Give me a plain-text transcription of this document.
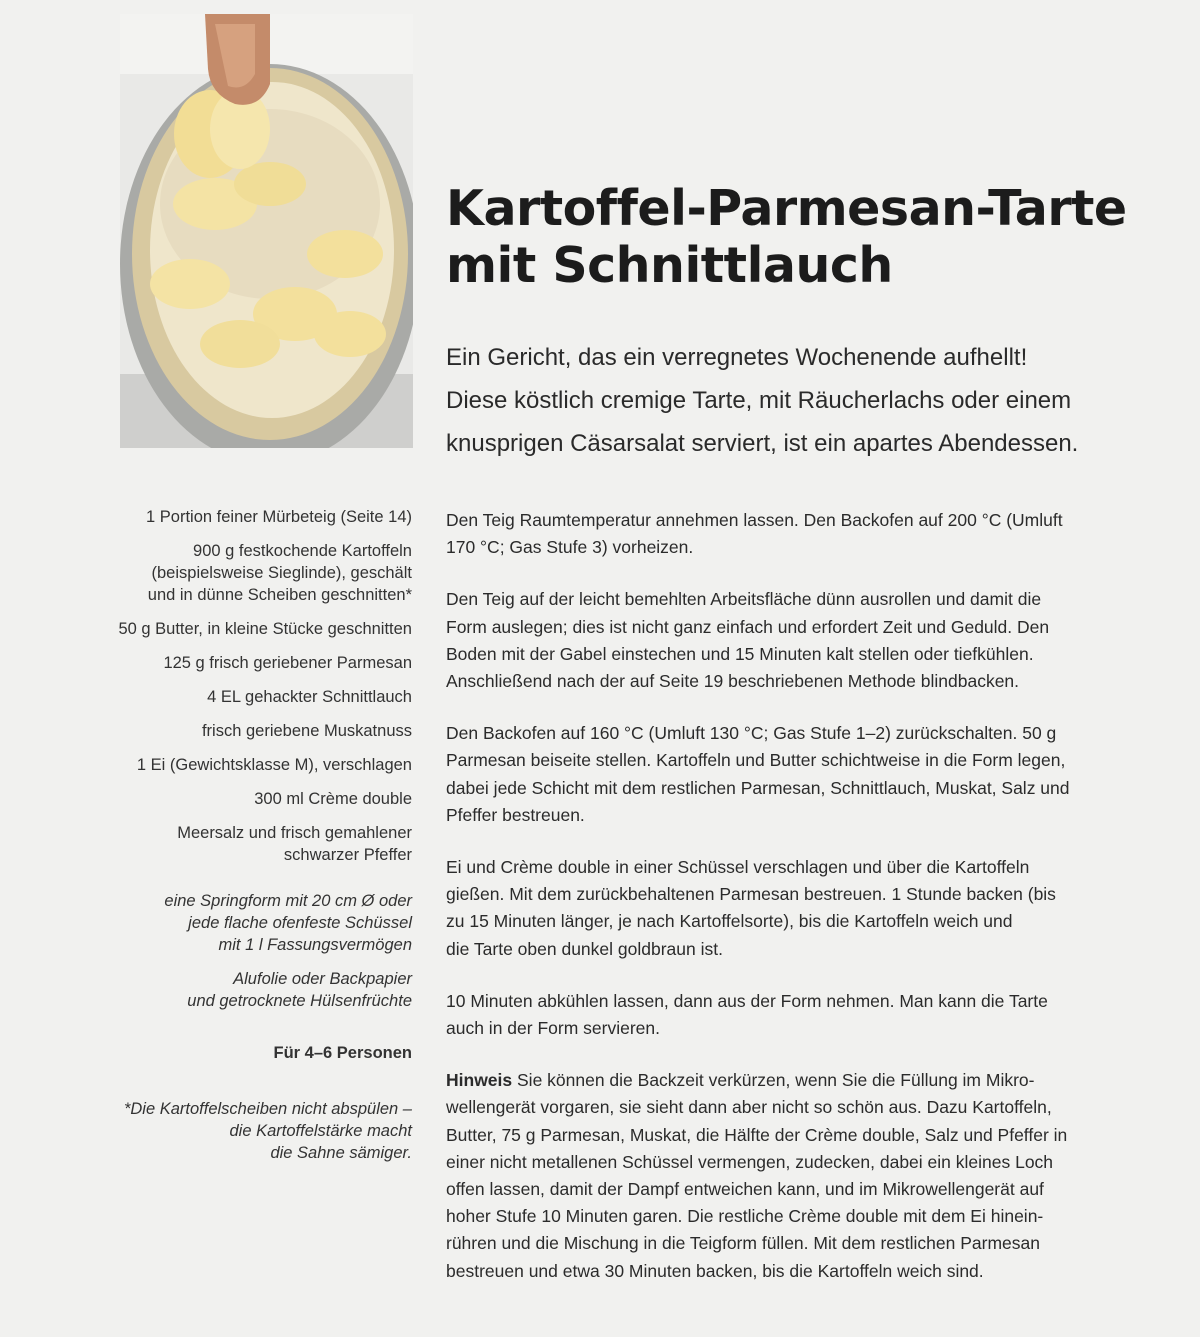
Kartoffel-Parmesan-Tarte
mit Schnittlauch
Ein Gericht, das ein verregnetes Wochenende aufhellt!
Diese köstlich cremige Tarte, mit Räucherlachs oder einem
knusprigen Cäsarsalat serviert, ist ein apartes Abendessen.
1 Portion feiner Mürbeteig (Seite 14)
900 g festkochende Kartoffeln
(beispielsweise Sieglinde), geschält
und in dünne Scheiben geschnitten*
50 g Butter, in kleine Stücke geschnitten
125 g frisch geriebener Parmesan
4 EL gehackter Schnittlauch
frisch geriebene Muskatnuss
1 Ei (Gewichtsklasse M), verschlagen
300 ml Crème double
Meersalz und frisch gemahlener
schwarzer Pfeffer
eine Springform mit 20 cm Ø oder
jede flache ofenfeste Schüssel
mit 1 l Fassungsvermögen
Alufolie oder Backpapier
und getrocknete Hülsenfrüchte
Für 4–6 Personen
*Die Kartoffelscheiben nicht abspülen –
die Kartoffelstärke macht
die Sahne sämiger.

Den Teig Raumtemperatur annehmen lassen. Den Backofen auf 200 °C (Umluft
170 °C; Gas Stufe 3) vorheizen.

Den Teig auf der leicht bemehlten Arbeitsfläche dünn ausrollen und damit die
Form auslegen; dies ist nicht ganz einfach und erfordert Zeit und Geduld. Den
Boden mit der Gabel einstechen und 15 Minuten kalt stellen oder tiefkühlen.
Anschließend nach der auf Seite 19 beschriebenen Methode blindbacken.

Den Backofen auf 160 °C (Umluft 130 °C; Gas Stufe 1–2) zurückschalten. 50 g
Parmesan beiseite stellen. Kartoffeln und Butter schichtweise in die Form legen,
dabei jede Schicht mit dem restlichen Parmesan, Schnittlauch, Muskat, Salz und
Pfeffer bestreuen.

Ei und Crème double in einer Schüssel verschlagen und über die Kartoffeln
gießen. Mit dem zurückbehaltenen Parmesan bestreuen. 1 Stunde backen (bis
zu 15 Minuten länger, je nach Kartoffelsorte), bis die Kartoffeln weich und
die Tarte oben dunkel goldbraun ist.

10 Minuten abkühlen lassen, dann aus der Form nehmen. Man kann die Tarte
auch in der Form servieren.

Hinweis Sie können die Backzeit verkürzen, wenn Sie die Füllung im Mikro-
wellengerät vorgaren, sie sieht dann aber nicht so schön aus. Dazu Kartoffeln,
Butter, 75 g Parmesan, Muskat, die Hälfte der Crème double, Salz und Pfeffer in
einer nicht metallenen Schüssel vermengen, zudecken, dabei ein kleines Loch
offen lassen, damit der Dampf entweichen kann, und im Mikrowellengerät auf
hoher Stufe 10 Minuten garen. Die restliche Crème double mit dem Ei hinein-
rühren und die Mischung in die Teigform füllen. Mit dem restlichen Parmesan
bestreuen und etwa 30 Minuten backen, bis die Kartoffeln weich sind.
